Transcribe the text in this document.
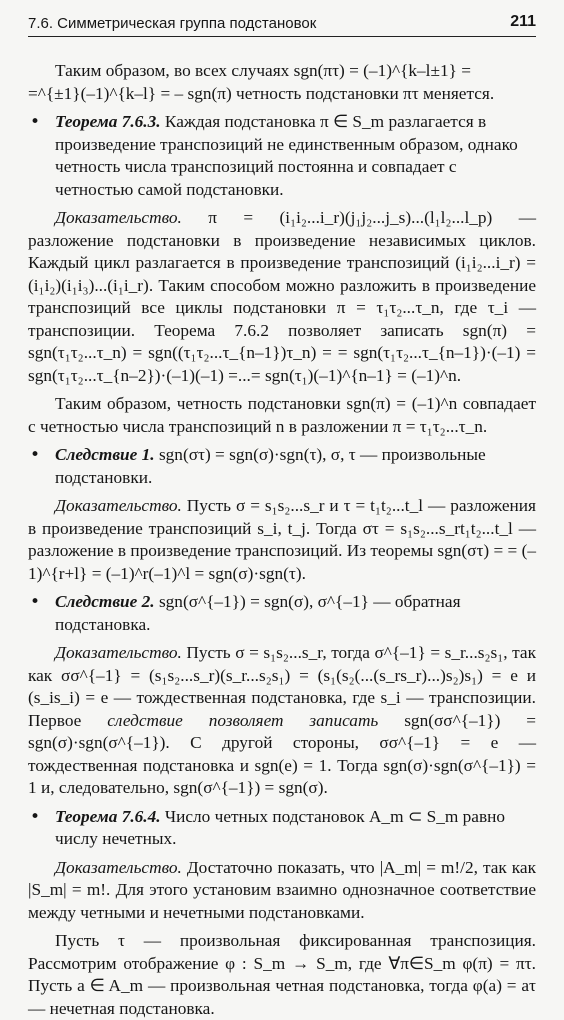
7.6. Симметрическая группа подстановок	211

Таким образом, во всех случаях sgn(πτ) = (–1)^{k–l±1} =
=^{±1}(–1)^{k–l} = – sgn(π) четность подстановки πτ меняется.

• Теорема 7.6.3. Каждая подстановка π ∈ S_m разлагается в произведение транспозиций не единственным образом, однако четность числа транспозиций постоянна и совпадает с четностью самой подстановки.

Доказательство. π = (i₁i₂...i_r)(j₁j₂...j_s)...(l₁l₂...l_p) — разложение подстановки в произведение независимых циклов. Каждый цикл разлагается в произведение транспозиций (i₁i₂...i_r) = (i₁i₂)(i₁i₃)...(i₁i_r). Таким способом можно разложить в произведение транспозиций все циклы подстановки π = τ₁τ₂...τ_n, где τ_i — транспозиции. Теорема 7.6.2 позволяет записать sgn(π) = sgn(τ₁τ₂...τ_n) = sgn((τ₁τ₂...τ_{n–1})τ_n) = = sgn(τ₁τ₂...τ_{n–1})·(–1) = sgn(τ₁τ₂...τ_{n–2})·(–1)(–1) =...= sgn(τ₁)(–1)^{n–1} = (–1)^n.

Таким образом, четность подстановки sgn(π) = (–1)^n совпадает с четностью числа транспозиций n в разложении π = τ₁τ₂...τ_n.

• Следствие 1. sgn(στ) = sgn(σ)·sgn(τ), σ, τ — произвольные подстановки.

Доказательство. Пусть σ = s₁s₂...s_r и τ = t₁t₂...t_l — разложения в произведение транспозиций s_i, t_j. Тогда στ = s₁s₂...s_rt₁t₂...t_l — разложение в произведение транспозиций. Из теоремы sgn(στ) = = (–1)^{r+l} = (–1)^r(–1)^l = sgn(σ)·sgn(τ).

• Следствие 2. sgn(σ^{–1}) = sgn(σ), σ^{–1} — обратная подстановка.

Доказательство. Пусть σ = s₁s₂...s_r, тогда σ^{–1} = s_r...s₂s₁, так как σσ^{–1} = (s₁s₂...s_r)(s_r...s₂s₁) = (s₁(s₂(...(s_rs_r)...)s₂)s₁) = e и (s_is_i) = e — тождественная подстановка, где s_i — транспозиции. Первое следствие позволяет записать sgn(σσ^{–1}) = sgn(σ)·sgn(σ^{–1}). С другой стороны, σσ^{–1} = e — тождественная подстановка и sgn(e) = 1. Тогда sgn(σ)·sgn(σ^{–1}) = 1 и, следовательно, sgn(σ^{–1}) = sgn(σ).

• Теорема 7.6.4. Число четных подстановок A_m ⊂ S_m равно числу нечетных.

Доказательство. Достаточно показать, что |A_m| = m!/2, так как |S_m| = m!. Для этого установим взаимно однозначное соответствие между четными и нечетными подстановками.

Пусть τ — произвольная фиксированная транспозиция. Рассмотрим отображение φ : S_m → S_m, где ∀π∈S_m φ(π) = πτ. Пусть a ∈ A_m — произвольная четная подстановка, тогда φ(a) = aτ — нечетная подстановка.
